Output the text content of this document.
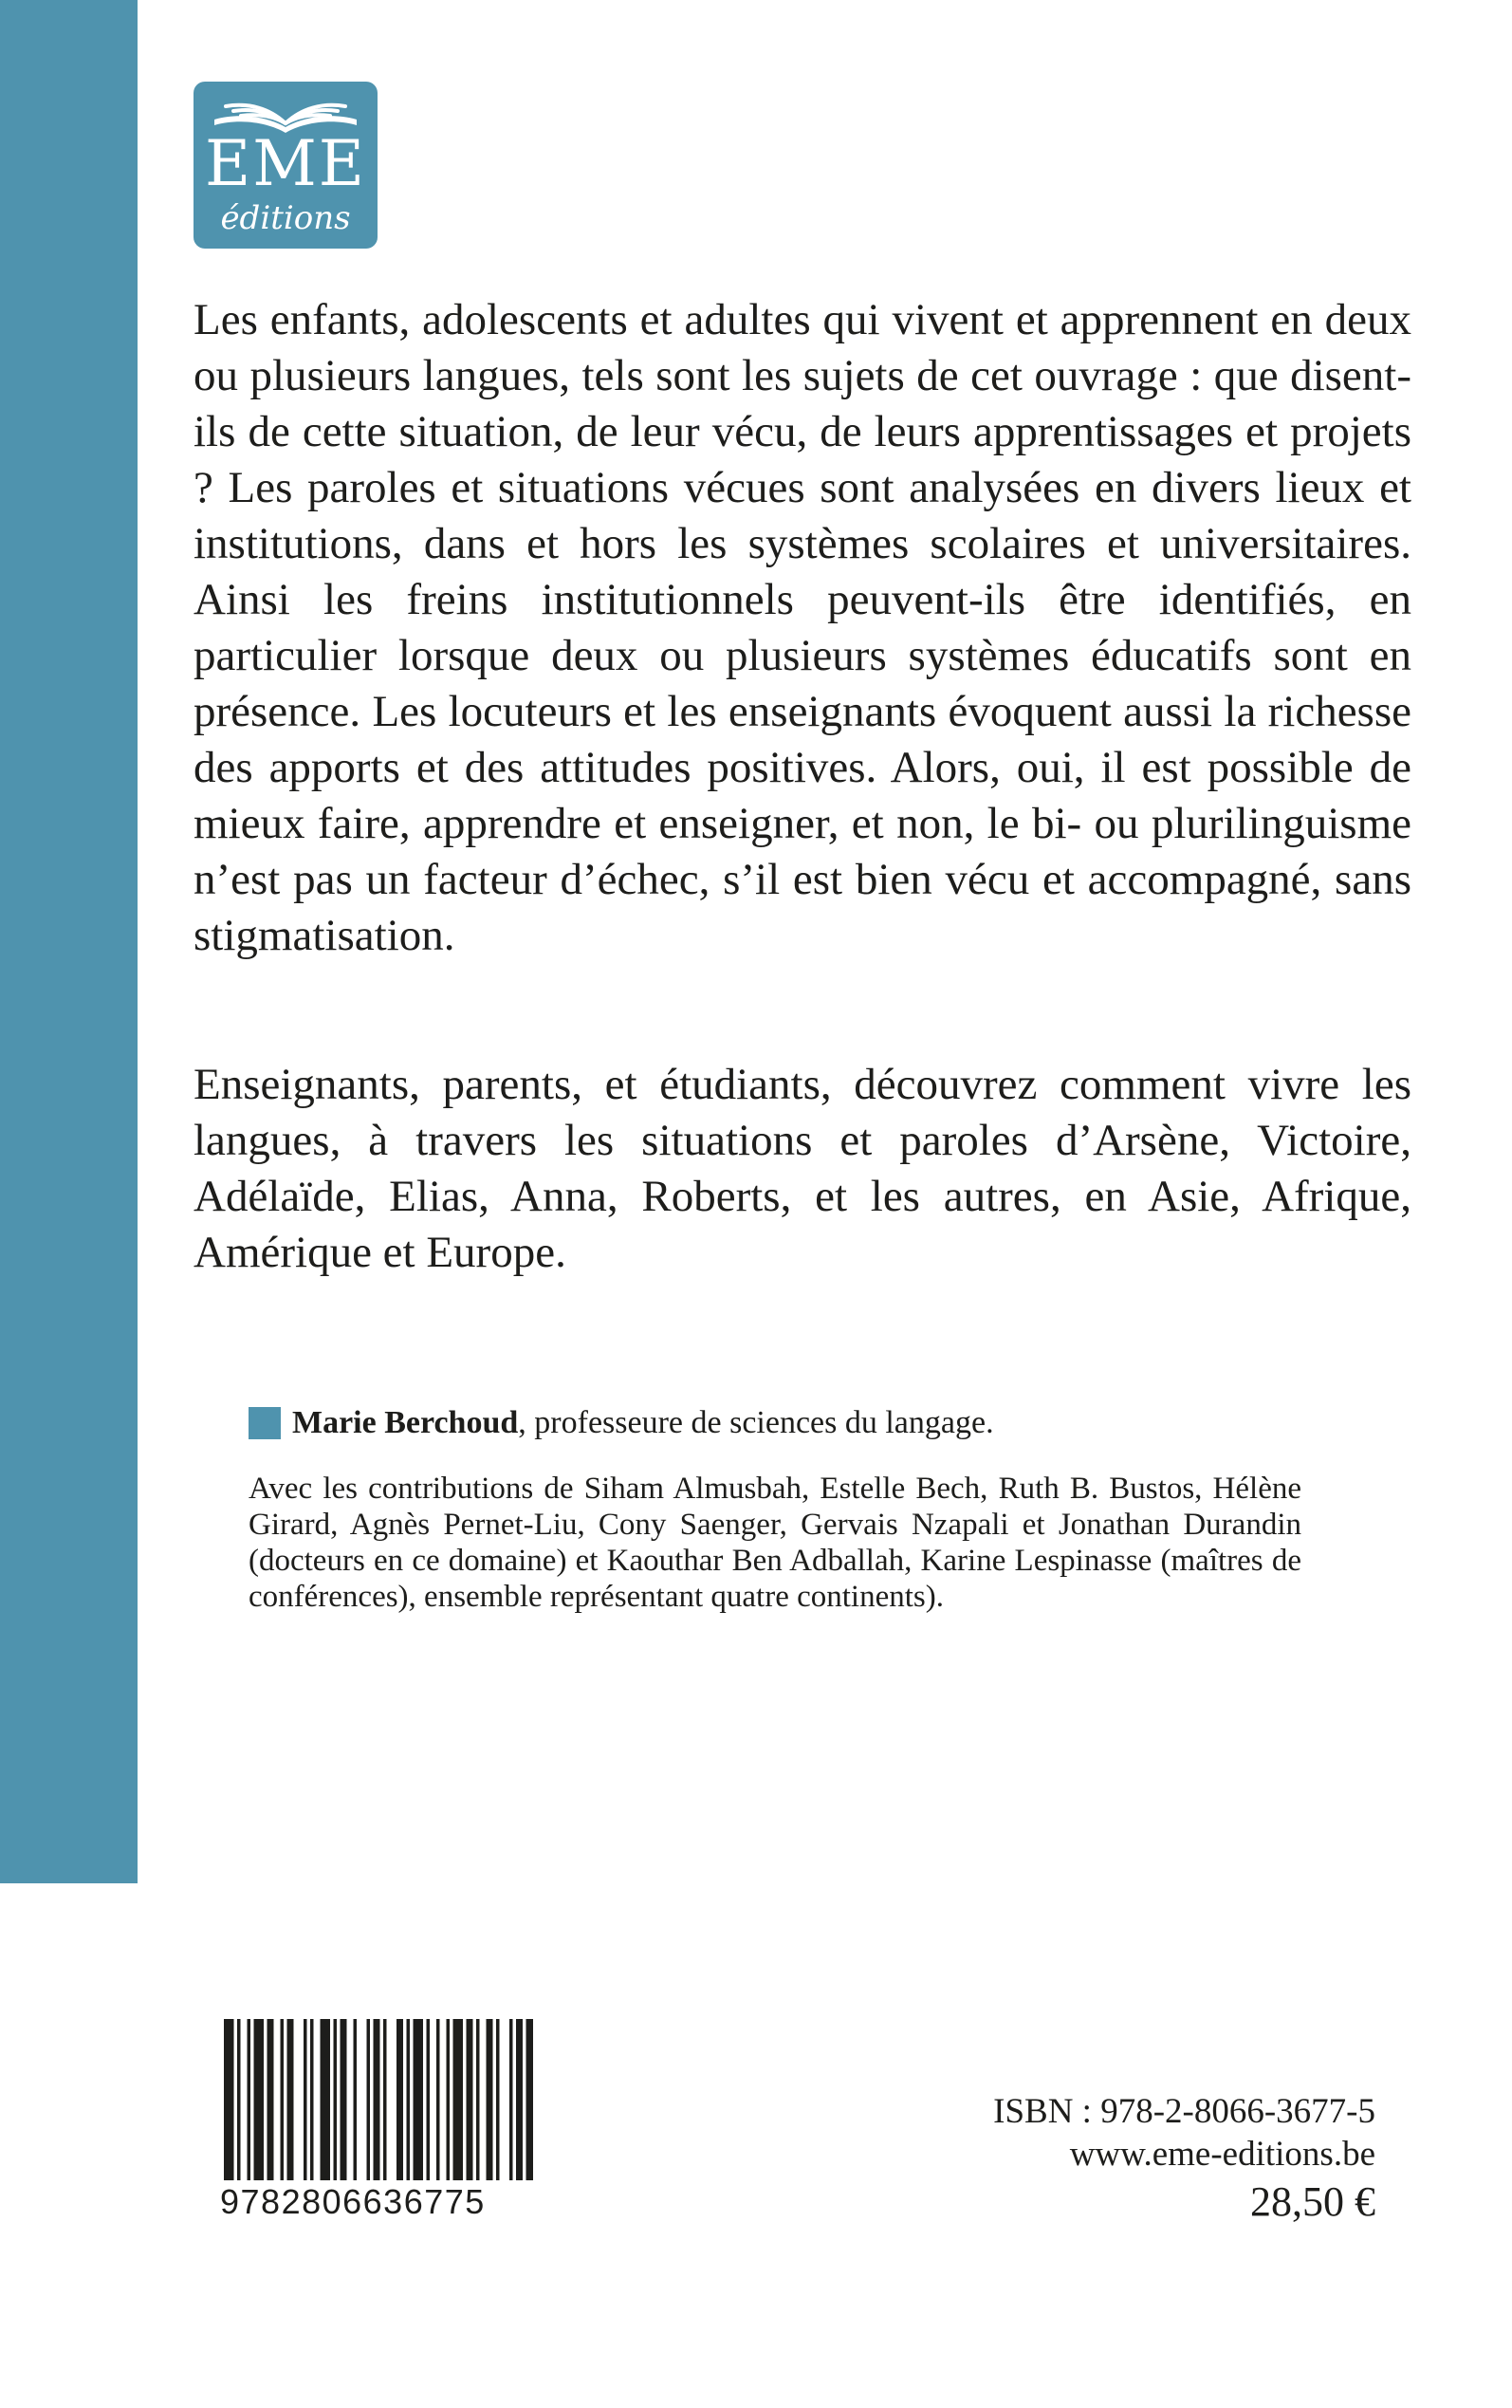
EME
éditions

Les enfants, adolescents et adultes qui vivent et apprennent en deux ou plusieurs langues, tels sont les sujets de cet ouvrage : que disent-ils de cette situation, de leur vécu, de leurs apprentissages et projets ? Les paroles et situations vécues sont analysées en divers lieux et institutions, dans et hors les systèmes scolaires et universitaires. Ainsi les freins institutionnels peuvent-ils être identifiés, en particulier lorsque deux ou plusieurs systèmes éducatifs sont en présence. Les locuteurs et les enseignants évoquent aussi la richesse des apports et des attitudes positives. Alors, oui, il est possible de mieux faire, apprendre et enseigner, et non, le bi- ou plurilinguisme n’est pas un facteur d’échec, s’il est bien vécu et accompagné, sans stigmatisation.

Enseignants, parents, et étudiants, découvrez comment vivre les langues, à travers les situations et paroles d’Arsène, Victoire, Adélaïde, Elias, Anna, Roberts, et les autres, en Asie, Afrique, Amérique et Europe.

Marie Berchoud, professeure de sciences du langage.

Avec les contributions de Siham Almusbah, Estelle Bech, Ruth B. Bustos, Hélène Girard, Agnès Pernet-Liu, Cony Saenger, Gervais Nzapali et Jonathan Durandin (docteurs en ce domaine) et Kaouthar Ben Adballah, Karine Lespinasse (maîtres de conférences), ensemble représentant quatre continents).

9782806636775
ISBN : 978-2-8066-3677-5
www.eme-editions.be
28,50 €
